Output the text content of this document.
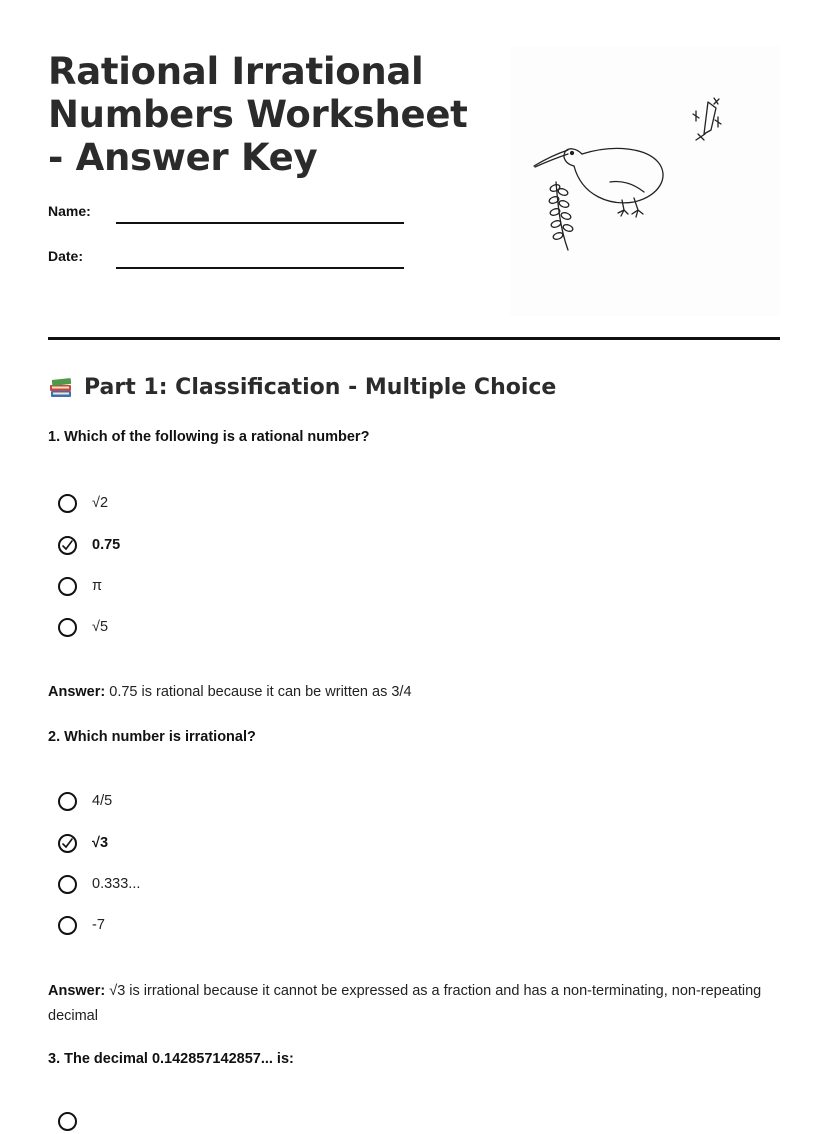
Rational Irrational Numbers Worksheet - Answer Key
Name:
Date:
Part 1: Classification - Multiple Choice
1. Which of the following is a rational number?
√2
0.75
π
√5
Answer: 0.75 is rational because it can be written as 3/4
2. Which number is irrational?
4/5
√3
0.333...
-7
Answer: √3 is irrational because it cannot be expressed as a fraction and has a non-terminating, non-repeating decimal
3. The decimal 0.142857142857... is:
